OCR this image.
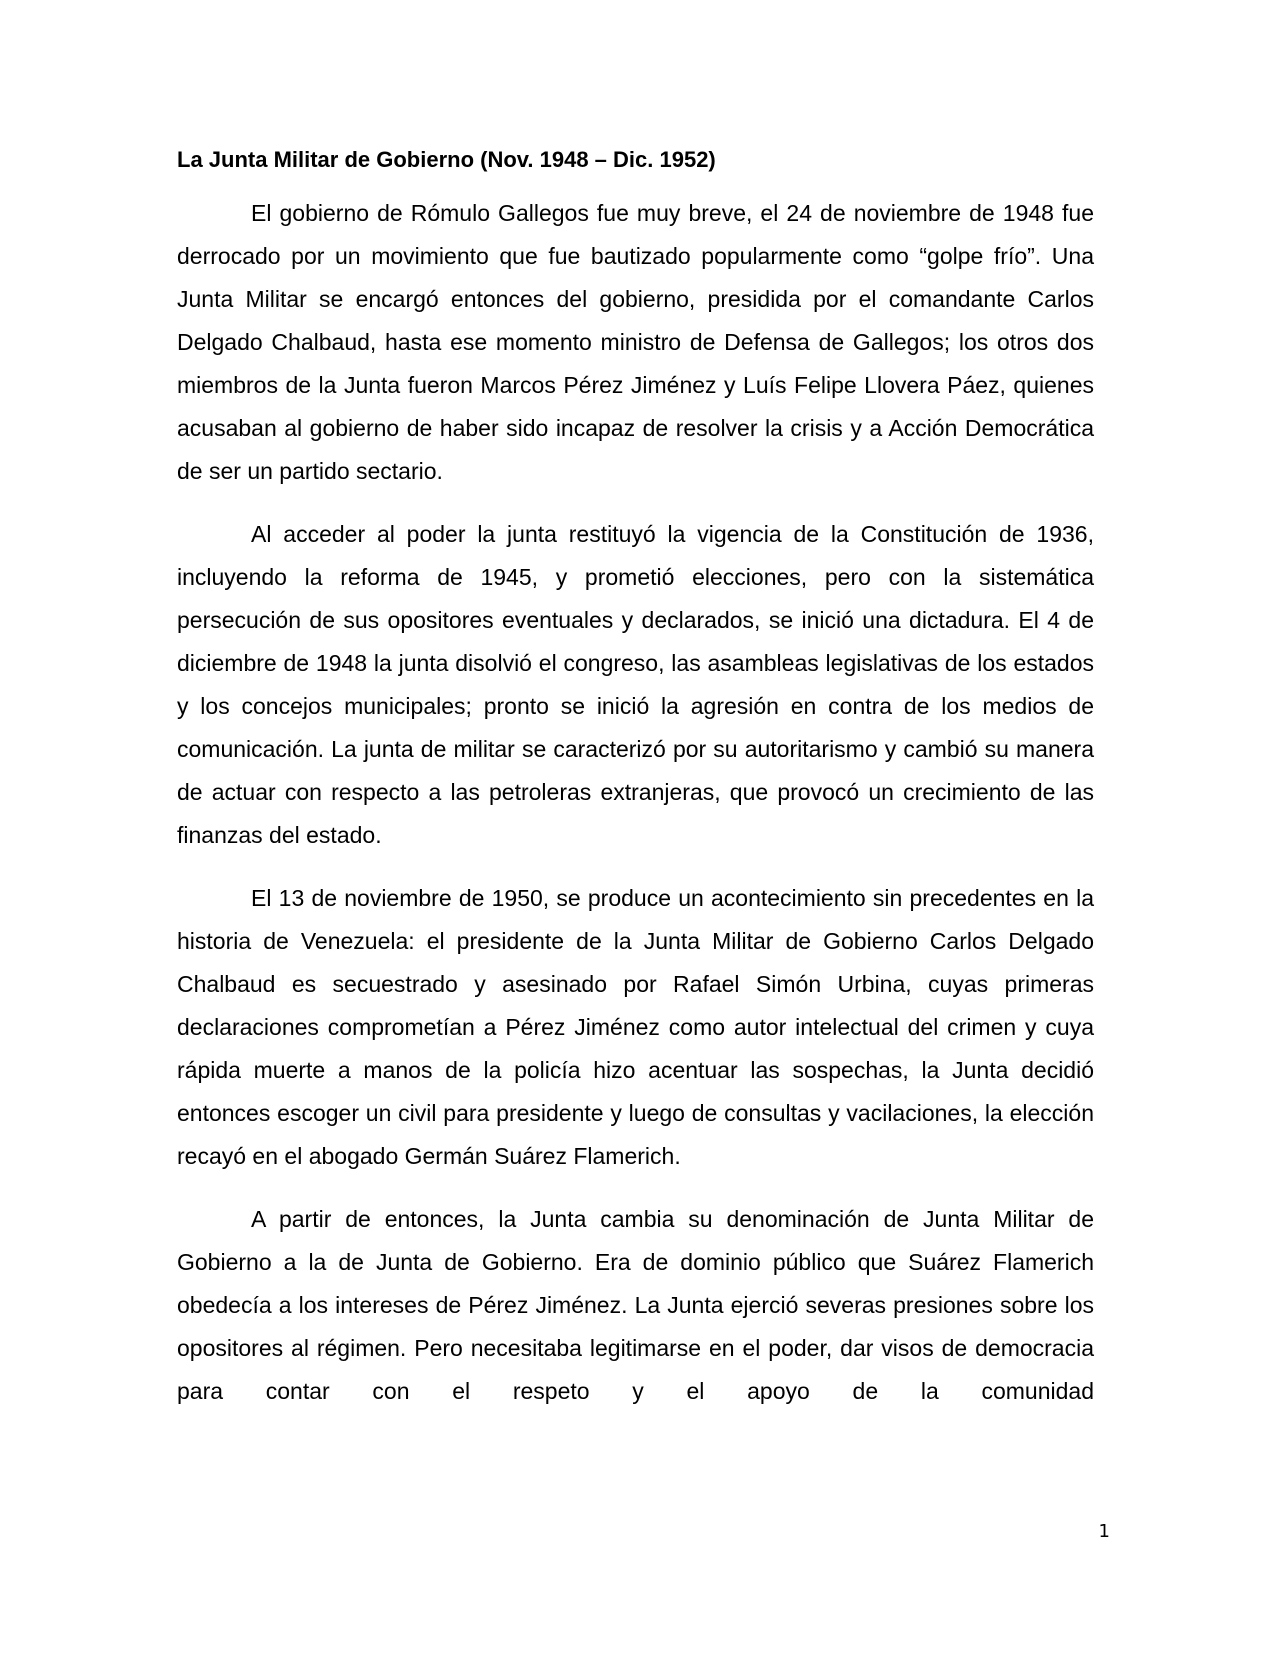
La Junta Militar de Gobierno (Nov. 1948 – Dic. 1952)

El gobierno de Rómulo Gallegos fue muy breve, el 24 de noviembre de 1948 fue derrocado por un movimiento que fue bautizado popularmente como “golpe frío”. Una Junta Militar se encargó entonces del gobierno, presidida por el comandante Carlos Delgado Chalbaud, hasta ese momento ministro de Defensa de Gallegos; los otros dos miembros de la Junta fueron Marcos Pérez Jiménez y Luís Felipe Llovera Páez, quienes acusaban al gobierno de haber sido incapaz de resolver la crisis y a Acción Democrática de ser un partido sectario.

Al acceder al poder la junta restituyó la vigencia de la Constitución de 1936, incluyendo la reforma de 1945, y prometió elecciones, pero con la sistemática persecución de sus opositores eventuales y declarados, se inició una dictadura. El 4 de diciembre de 1948 la junta disolvió el congreso, las asambleas legislativas de los estados y los concejos municipales; pronto se inició la agresión en contra de los medios de comunicación. La junta de militar se caracterizó por su autoritarismo y cambió su manera de actuar con respecto a las petroleras extranjeras, que provocó un crecimiento de las finanzas del estado.

El 13 de noviembre de 1950, se produce un acontecimiento sin precedentes en la historia de Venezuela: el presidente de la Junta Militar de Gobierno Carlos Delgado Chalbaud es secuestrado y asesinado por Rafael Simón Urbina, cuyas primeras declaraciones comprometían a Pérez Jiménez como autor intelectual del crimen y cuya rápida muerte a manos de la policía hizo acentuar las sospechas, la Junta decidió entonces escoger un civil para presidente y luego de consultas y vacilaciones, la elección recayó en el abogado Germán Suárez Flamerich.

A partir de entonces, la Junta cambia su denominación de Junta Militar de Gobierno a la de Junta de Gobierno. Era de dominio público que Suárez Flamerich obedecía a los intereses de Pérez Jiménez. La Junta ejerció severas presiones sobre los opositores al régimen. Pero necesitaba legitimarse en el poder, dar visos de democracia para contar con el respeto y el apoyo de la comunidad

1
